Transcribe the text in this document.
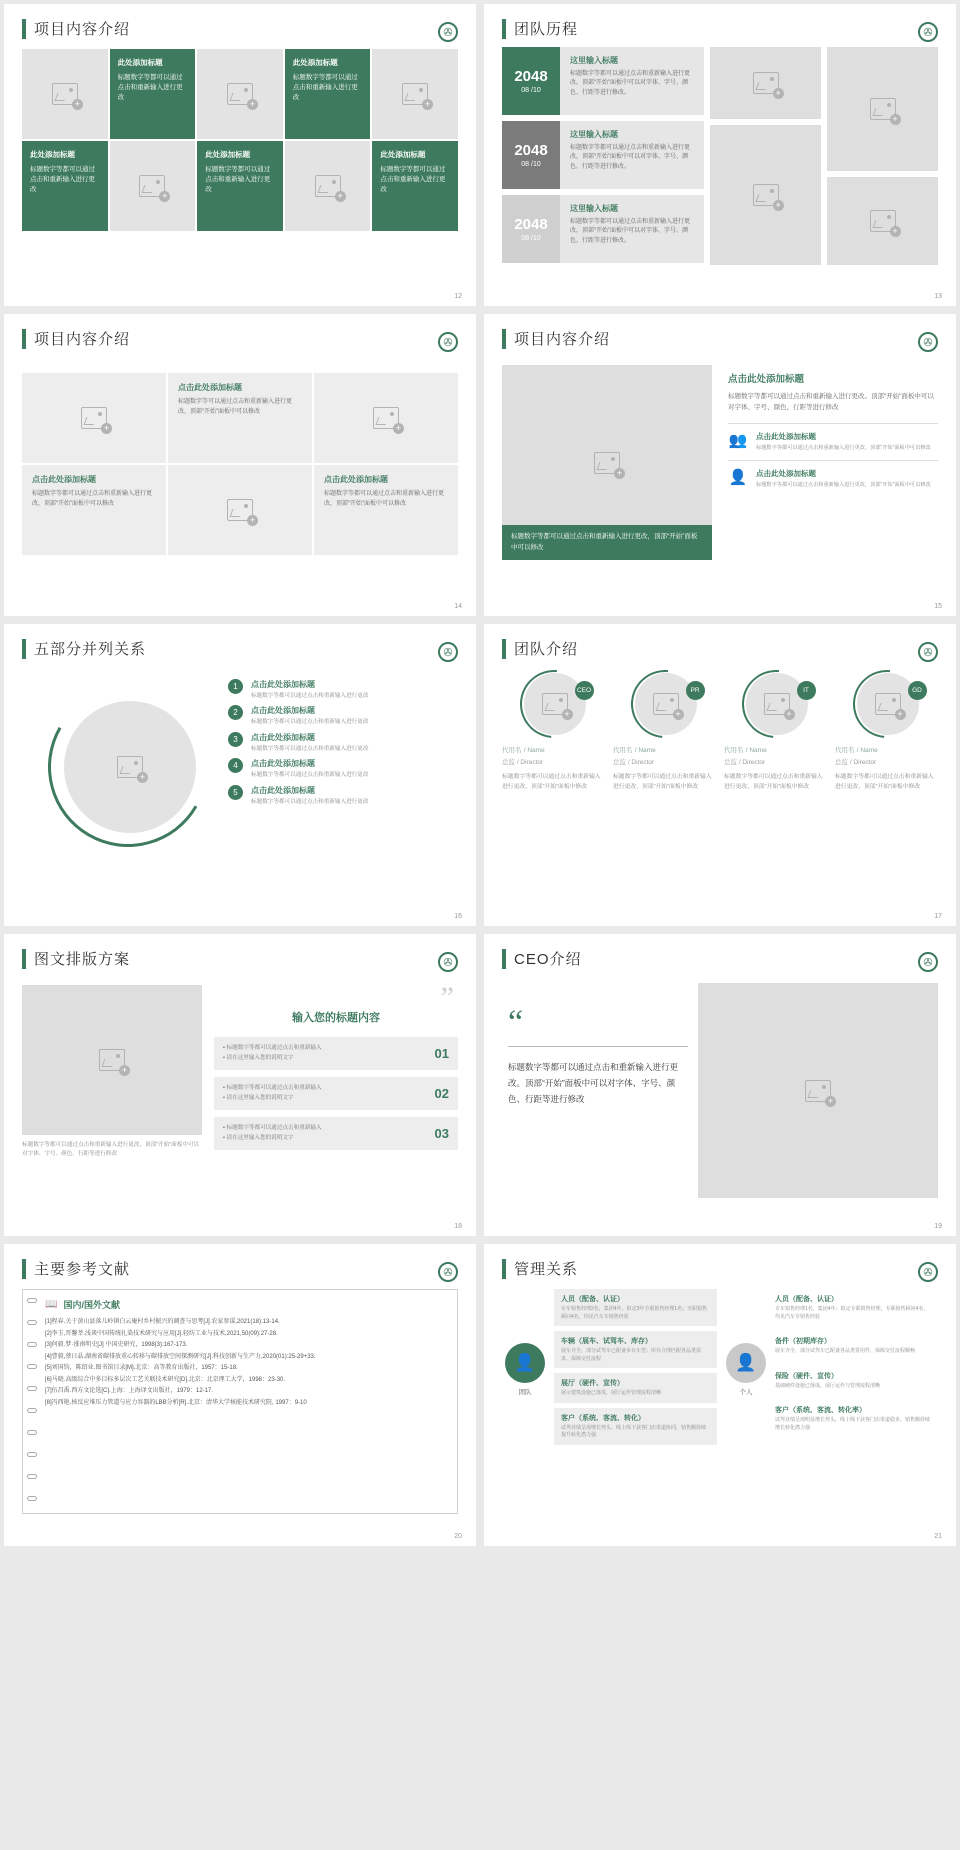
项目内容介绍	✇
+
此处添加标题
标题数字等都可以通过点击和重新输入进行更改
+
此处添加标题
标题数字等都可以通过点击和重新输入进行更改
+
此处添加标题
标题数字等都可以通过点击和重新输入进行更改
+
此处添加标题
标题数字等都可以通过点击和重新输入进行更改
+
此处添加标题
标题数字等都可以通过点击和重新输入进行更改
12
团队历程	✇
2048
08 /10
这里输入标题
标题数字等都可以通过点击和重新输入进行更改，顶部“开始”面板中可以对字体、字号、颜色、行距等进行修改。
2048
08 /10
这里输入标题
标题数字等都可以通过点击和重新输入进行更改，顶部“开始”面板中可以对字体、字号、颜色、行距等进行修改。
2048
08 /10
这里输入标题
标题数字等都可以通过点击和重新输入进行更改，顶部“开始”面板中可以对字体、字号、颜色、行距等进行修改。
+
+
+
+
13
项目内容介绍	✇
+
点击此处添加标题
标题数字等可以通过点击和重新输入进行更改，顶部“开始”面板中可以修改
+
点击此处添加标题
标题数字等都可以通过点击和重新输入进行更改，顶部“开始”面板中可以修改
+
点击此处添加标题
标题数字等都可以通过点击和重新输入进行更改，顶部“开始”面板中可以修改
14
项目内容介绍	✇
+
标题数字等都可以通过点击和重新输入进行更改，顶部“开始”面板中可以修改
点击此处添加标题
标题数字等都可以通过点击和重新输入进行更改。顶部“开始”面板中可以对字体、字号、颜色、行距等进行修改
👥 点击此处添加标题
标题数字等都可以通过点击和重新输入进行更改，顶部“开始”面板中可以修改
👤 点击此处添加标题
标题数字等都可以通过点击和重新输入进行更改，顶部“开始”面板中可以修改
15
五部分并列关系	✇
+
1	点击此处添加标题
标题数字等都可以通过点击和重新输入进行更改
2	点击此处添加标题
标题数字等都可以通过点击和重新输入进行更改
3	点击此处添加标题
标题数字等都可以通过点击和重新输入进行更改
4	点击此处添加标题
标题数字等都可以通过点击和重新输入进行更改
5	点击此处添加标题
标题数字等都可以通过点击和重新输入进行更改
16
团队介绍	✇
+
CEO
代用名 / Name
总监 / Director
标题数字等都可以通过点击和重新输入进行更改，顶部“开始”面板中修改
+
PR
代用名 / Name
总监 / Director
标题数字等都可以通过点击和重新输入进行更改，顶部“开始”面板中修改
+
IT
代用名 / Name
总监 / Director
标题数字等都可以通过点击和重新输入进行更改，顶部“开始”面板中修改
+
GD
代用名 / Name
总监 / Director
标题数字等都可以通过点击和重新输入进行更改，顶部“开始”面板中修改
17
图文排版方案	✇
+
标题数字等都可以通过点击和重新输入进行更改，顶部“开始”面板中可以对字体、字号、颜色、行距等进行修改
”
输入您的标题内容
• 标题数字等都可以通过点击和重新输入
• 请在这里输入您的说明文字	01
• 标题数字等都可以通过点击和重新输入
• 请在这里输入您的说明文字	02
• 标题数字等都可以通过点击和重新输入
• 请在这里输入您的说明文字	03
18
CEO介绍	✇
+
“
标题数字等都可以通过点击和重新输入进行更改。顶部“开始”面板中可以对字体、字号、颜色、行距等进行修改
19
主要参考文献	✇
📖 国内/国外文献
[1]程春.关于黄山县落儿岭镇白云庵村乡村振兴的调查与思考[J].农家参谋,2021(18):13-14.
[2]李玉,晋馨莘.浅谈中国传统扎染技术研究与应用[J].轻纺工业与技术,2021,50(09):27-28.
[3]何毅.梦·涨南明史[J] 中国史研究，1998(3):167-173.
[4]曹毅,蔡日晶.湖南省碳排放重心转移与碳排放空间探测研究[J].科技创新与生产力,2020(01):25-29+33.
[5]刘国钧，陈绍业.图书馆目录[M].北京：高等教育出版社，1957：15-18.
[6]马晓.高级综合中多目标多层次工艺关联技术研究[D].北京：北京理工大学，1998：23-30.
[7]伍昌禹.西方文论选[C].上海：上海译文出版社，1979：12-17.
[8]冯西艳.核反应堆压力管道与应力容器的LBB分析[R].北京：清华大学核能技术研究院, 1997：9-10
20
管理关系	✇
👤
团队
人员（配备、认证）
专车销售经理2名，集团4年，拟定3年全职销售经理1名；专职销售顾问4名，均见汽车专销售经验
车辆（展车、试驾车、库存）
展车齐全，部分试驾车已配备多台车型；库存合理匹配各品类需求，保障交付流程
展厅（硬件、宣传）
展示建筑设施已落成，展厅运作管理流程清晰
客户（系统、客流、转化）
试驾业绩呈现增长势头，线上线下获客门店渠道协同，销售额持续提升转化潜力强
👤
个人
人员（配备、认证）
专车销售经理1名，集团4年；拟定专职销售经理，专职销售顾问4名，均见汽车专销售经验
备件（初期库存）
展车齐全，部分试驾车已配备各品类常用件，保障交付流程顺畅
保险（硬件、宣传）
基础硬件设施已落成，展厅运作与管理流程清晰
客户（系统、客流、转化率）
试驾业绩呈现明显增长势头，线上线下获客门店渠道稳步，销售额持续增长转化潜力强
21
